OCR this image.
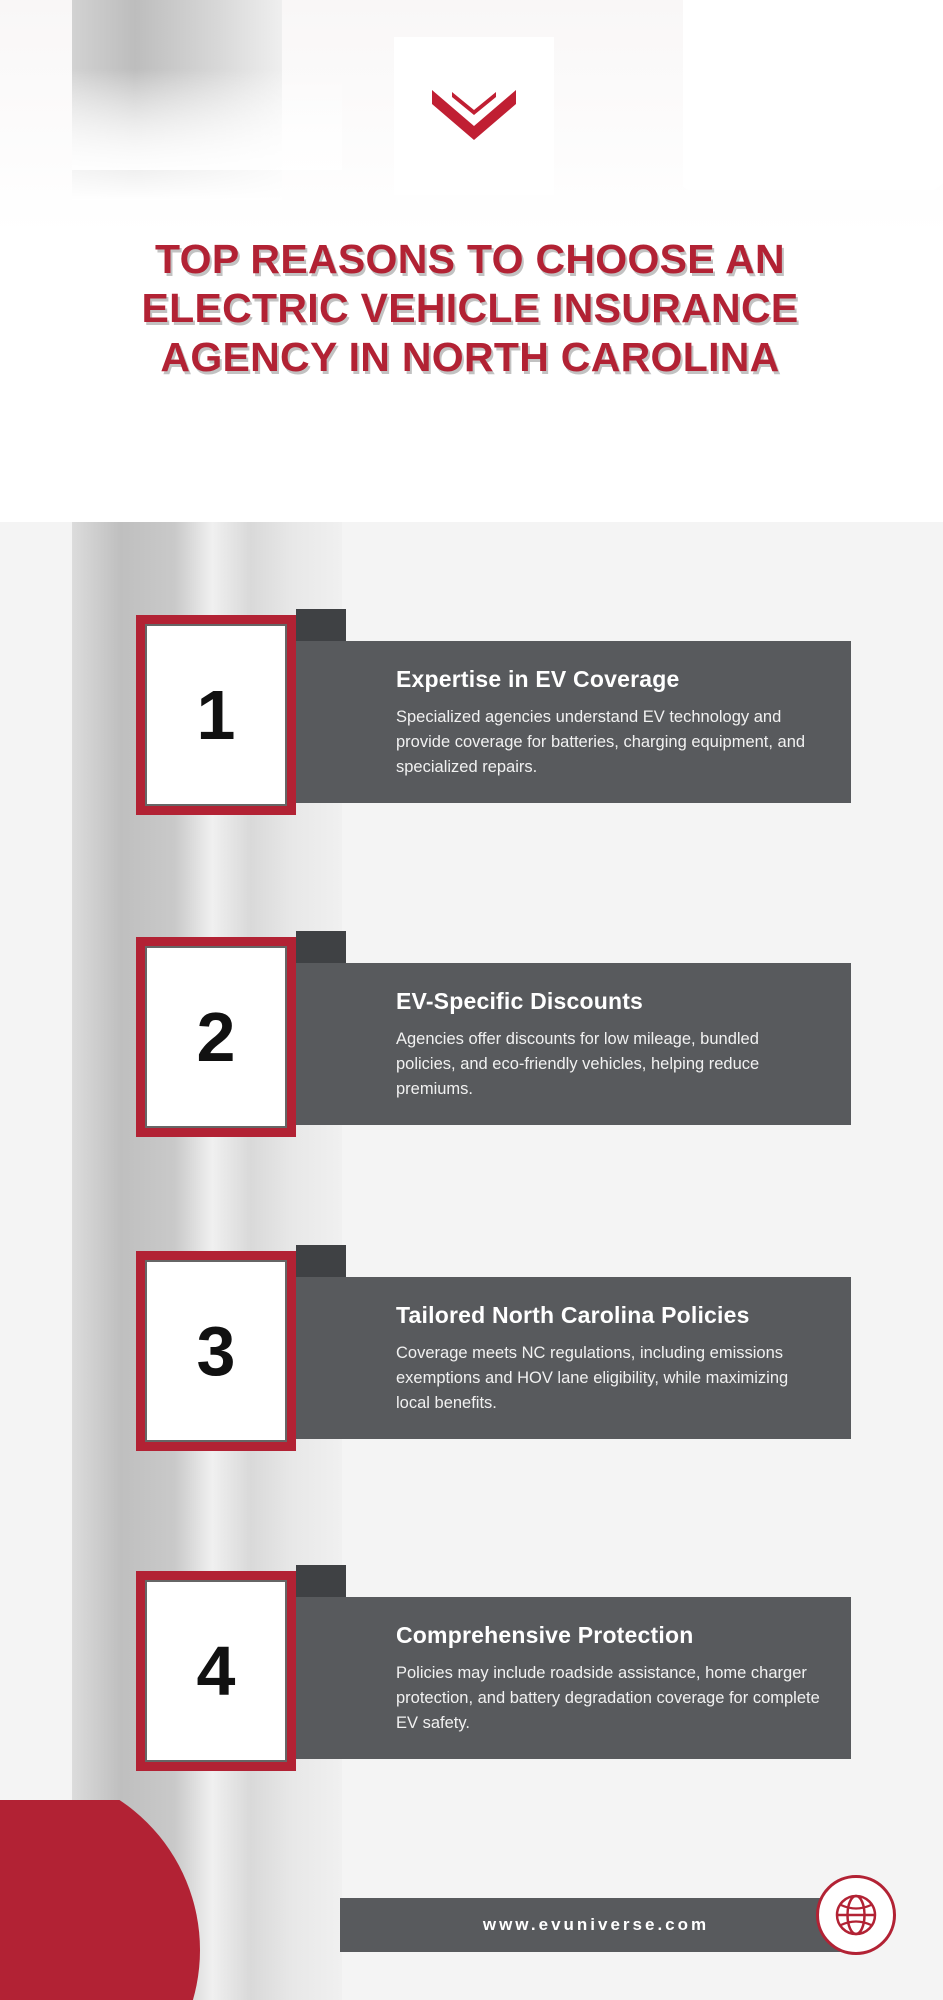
TOP REASONS TO CHOOSE AN ELECTRIC VEHICLE INSURANCE AGENCY IN NORTH CAROLINA
Expertise in EV Coverage

Specialized agencies understand EV technology and provide coverage for batteries, charging equipment, and specialized repairs.

1
EV-Specific Discounts

Agencies offer discounts for low mileage, bundled policies, and eco-friendly vehicles, helping reduce premiums.

2
Tailored North Carolina Policies

Coverage meets NC regulations, including emissions exemptions and HOV lane eligibility, while maximizing local benefits.

3
Comprehensive Protection

Policies may include roadside assistance, home charger protection, and battery degradation coverage for complete EV safety.

4
www.evuniverse.com
